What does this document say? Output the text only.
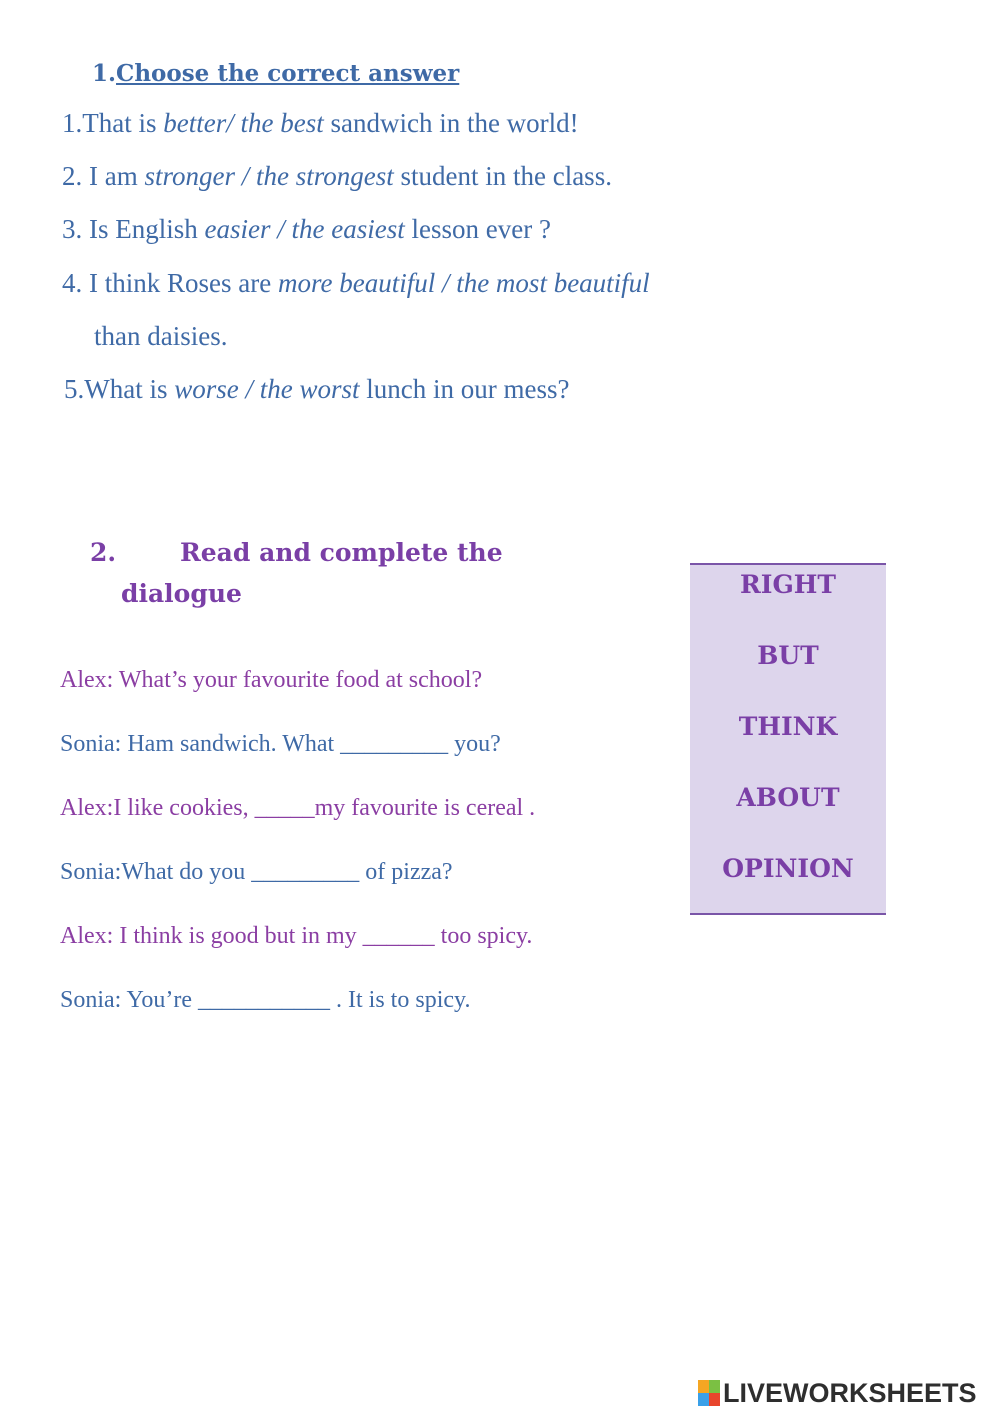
1.Choose the correct answer
1.That is better/ the best sandwich in the world!
2. I am stronger / the strongest student in the class.
3. Is English easier / the easiest lesson ever ?
4. I think Roses are more beautiful / the most beautiful
than daisies.
5.What is worse / the worst lunch in our mess?
2.	Read and complete the
dialogue
Alex: What’s your favourite food at school?
Sonia: Ham sandwich. What _________ you?
Alex:I like cookies, _____my favourite is cereal .
Sonia:What do you _________ of pizza?
Alex: I think is good but in my ______ too spicy.
Sonia: You’re ___________ . It is to spicy.
RIGHT
BUT
THINK
ABOUT
OPINION
LIVEWORKSHEETS
